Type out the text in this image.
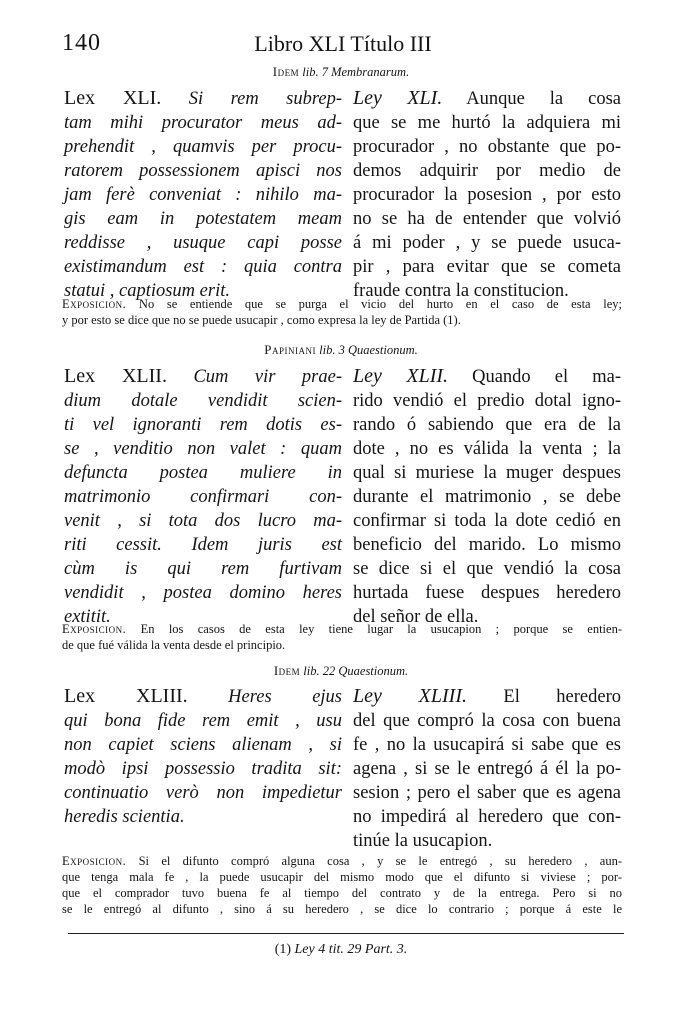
140	Libro XLI Título III
Idem lib. 7 Membranarum.
Lex XLI. Si rem subrep-
tam mihi procurator meus ad-
prehendit , quamvis per procu-
ratorem possessionem apisci nos
jam ferè conveniat : nihilo ma-
gis eam in potestatem meam
reddisse , usuque capi posse
existimandum est : quia contra
statui , captiosum erit.
Ley XLI. Aunque la cosa
que se me hurtó la adquiera mi
procurador , no obstante que po-
demos adquirir por medio de
procurador la posesion , por esto
no se ha de entender que volvió
á mi poder , y se puede usuca-
pir , para evitar que se cometa
fraude contra la constitucion.
Exposicion. No se entiende que se purga el vicio del hurto en el caso de esta ley;
y por esto se dice que no se puede usucapir , como expresa la ley de Partida (1).
Papiniani lib. 3 Quaestionum.
Lex XLII. Cum vir prae-
dium dotale vendidit scien-
ti vel ignoranti rem dotis es-
se , venditio non valet : quam
defuncta postea muliere in
matrimonio confirmari con-
venit , si tota dos lucro ma-
riti cessit. Idem juris est
cùm is qui rem furtivam
vendidit , postea domino heres
extitit.
Ley XLII. Quando el ma-
rido vendió el predio dotal igno-
rando ó sabiendo que era de la
dote , no es válida la venta ; la
qual si muriese la muger despues
durante el matrimonio , se debe
confirmar si toda la dote cedió en
beneficio del marido. Lo mismo
se dice si el que vendió la cosa
hurtada fuese despues heredero
del señor de ella.
Exposicion. En los casos de esta ley tiene lugar la usucapion ; porque se entien-
de que fué válida la venta desde el principio.
Idem lib. 22 Quaestionum.
Lex XLIII. Heres ejus
qui bona fide rem emit , usu
non capiet sciens alienam , si
modò ipsi possessio tradita sit:
continuatio verò non impedietur
heredis scientia.
Ley XLIII. El heredero
del que compró la cosa con buena
fe , no la usucapirá si sabe que es
agena , si se le entregó á él la po-
sesion ; pero el saber que es agena
no impedirá al heredero que con-
tinúe la usucapion.
Exposicion. Si el difunto compró alguna cosa , y se le entregó , su heredero , aun-
que tenga mala fe , la puede usucapir del mismo modo que el difunto si viviese ; por-
que el comprador tuvo buena fe al tiempo del contrato y de la entrega. Pero si no
se le entregó al difunto , sino á su heredero , se dice lo contrario ; porque á este le
(1) Ley 4 tit. 29 Part. 3.
